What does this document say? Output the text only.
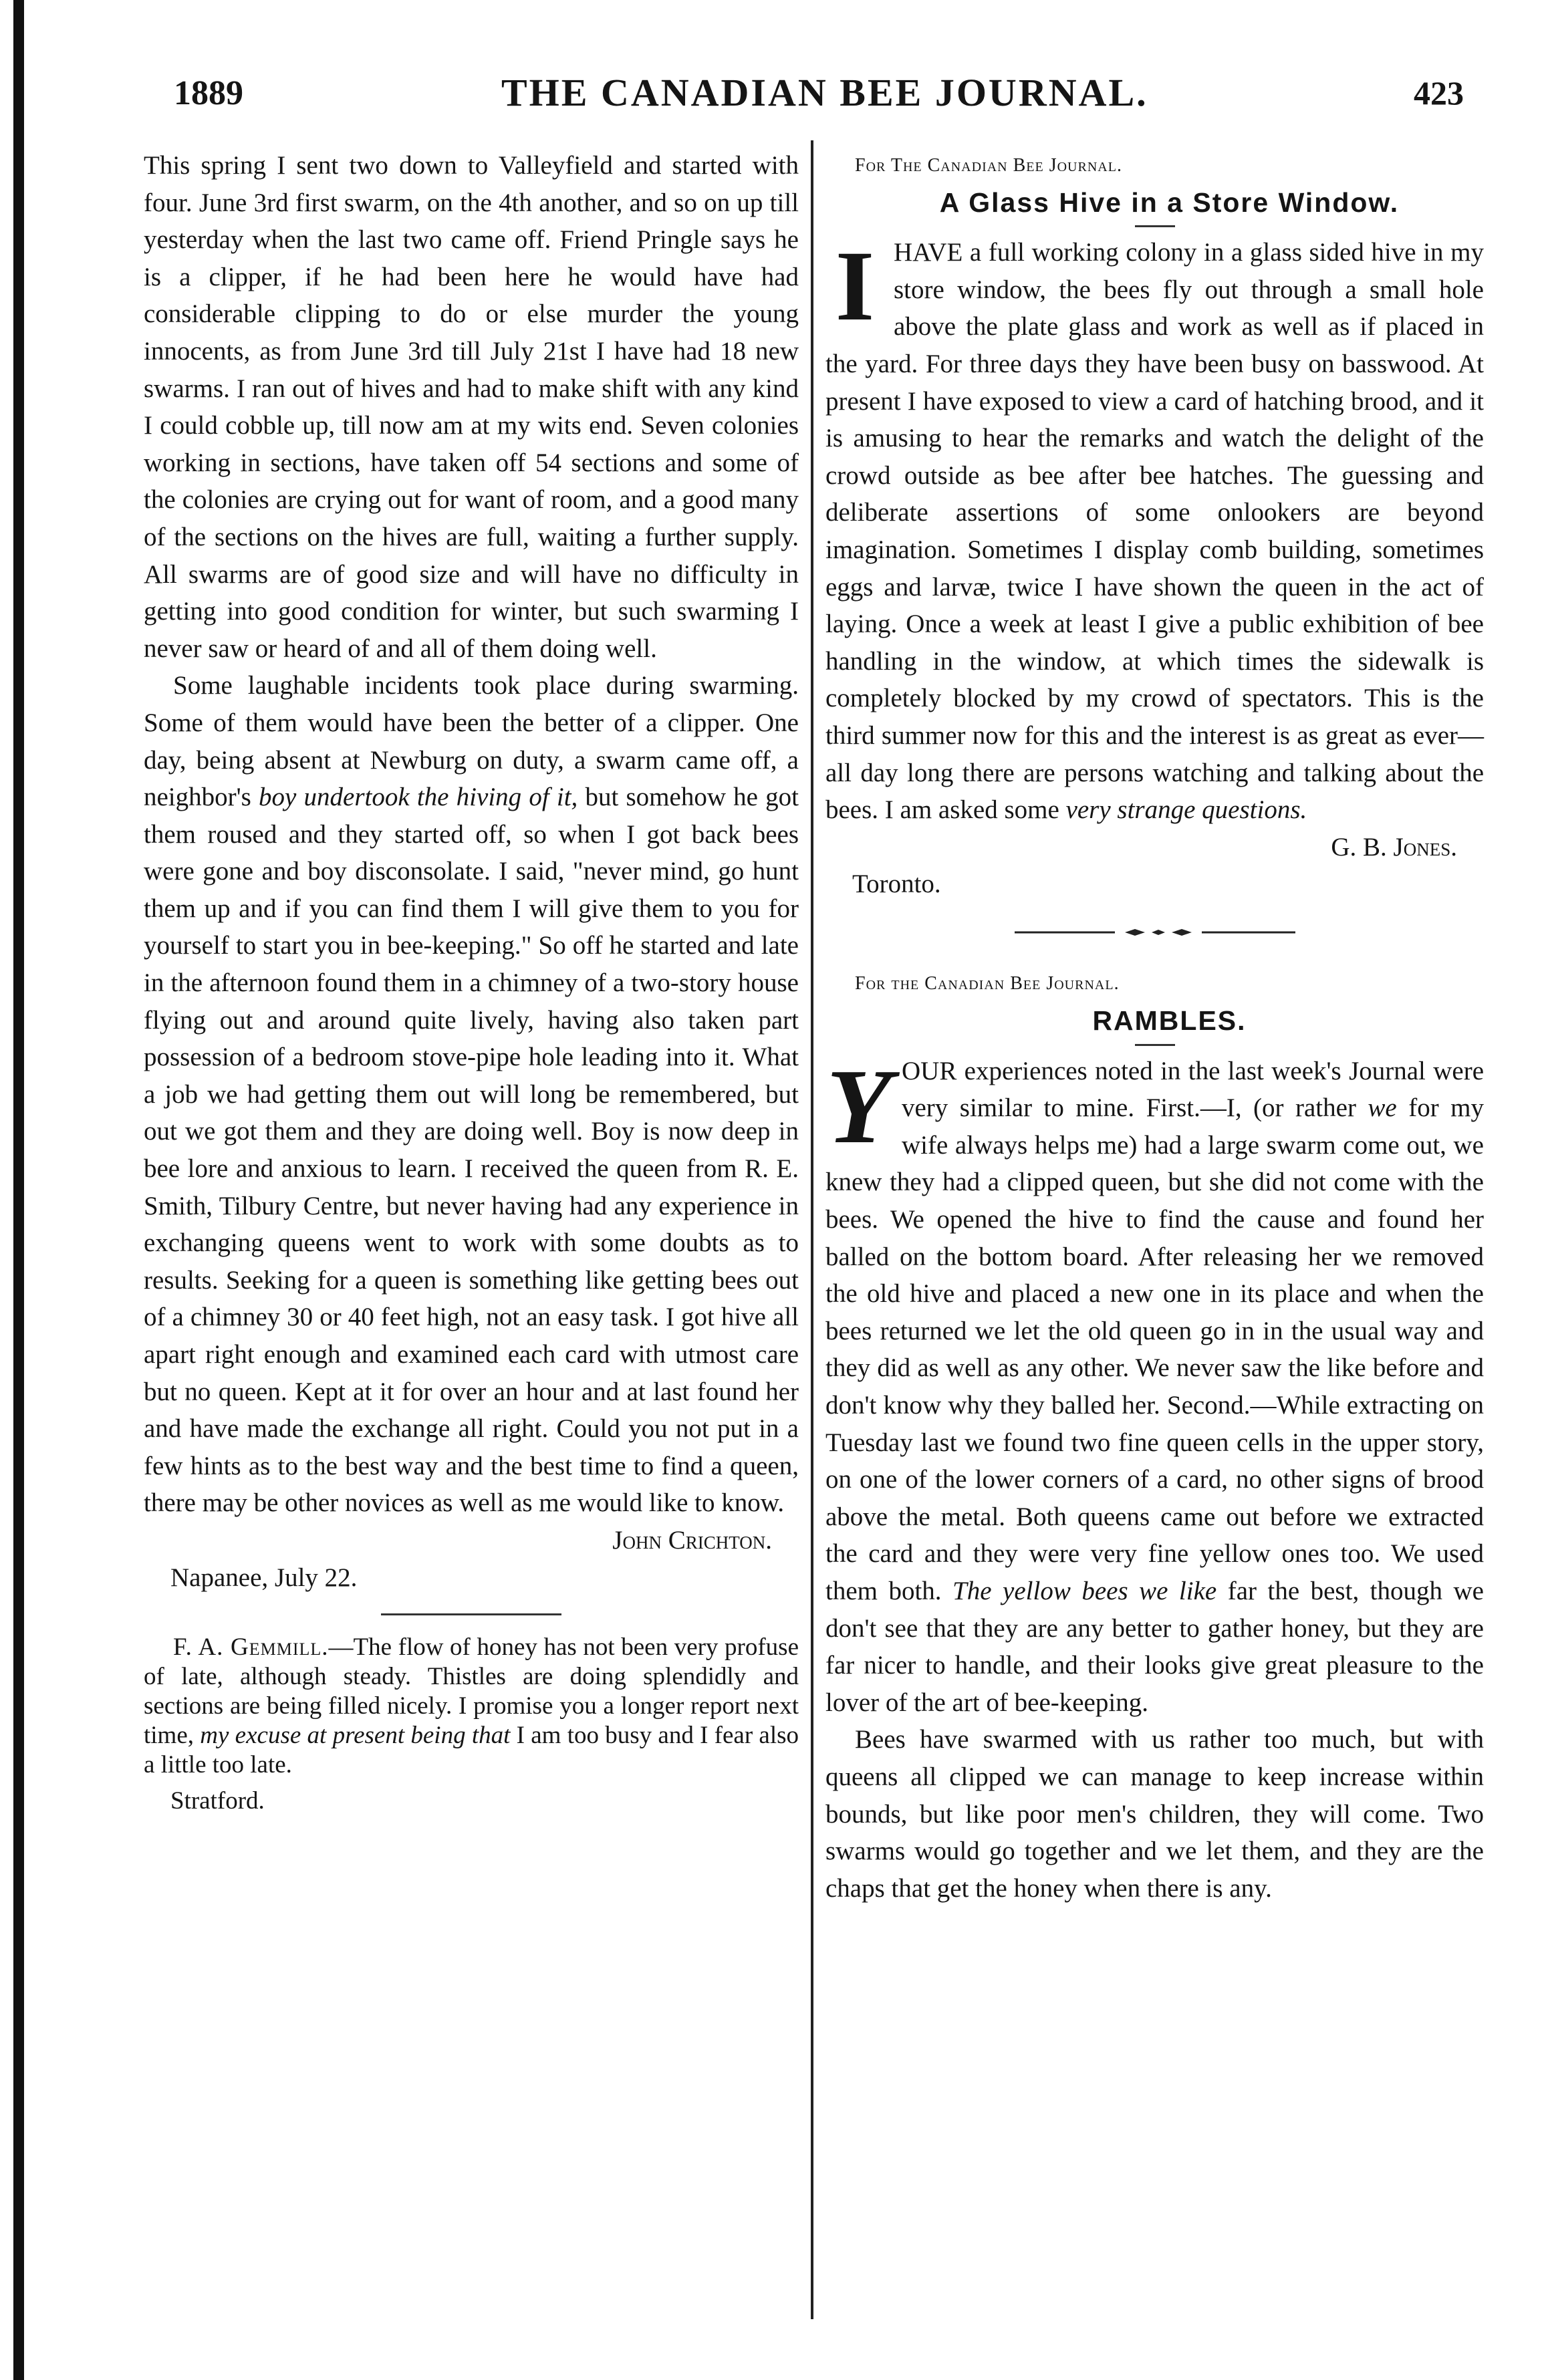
1889	THE CANADIAN BEE JOURNAL.	423

This spring I sent two down to Valleyfield and started with four. June 3rd first swarm, on the 4th another, and so on up till yesterday when the last two came off. Friend Pringle says he is a clipper, if he had been here he would have had considerable clipping to do or else murder the young innocents, as from June 3rd till July 21st I have had 18 new swarms. I ran out of hives and had to make shift with any kind I could cobble up, till now am at my wits end. Seven colonies working in sections, have taken off 54 sections and some of the colonies are crying out for want of room, and a good many of the sections on the hives are full, waiting a further supply. All swarms are of good size and will have no difficulty in getting into good condition for winter, but such swarming I never saw or heard of and all of them doing well.

Some laughable incidents took place during swarming. Some of them would have been the better of a clipper. One day, being absent at Newburg on duty, a swarm came off, a neighbor's boy undertook the hiving of it, but somehow he got them roused and they started off, so when I got back bees were gone and boy disconsolate. I said, "never mind, go hunt them up and if you can find them I will give them to you for yourself to start you in bee-keeping." So off he started and late in the afternoon found them in a chimney of a two-story house flying out and around quite lively, having also taken part possession of a bedroom stove-pipe hole leading into it. What a job we had getting them out will long be remembered, but out we got them and they are doing well. Boy is now deep in bee lore and anxious to learn. I received the queen from R. E. Smith, Tilbury Centre, but never having had any experience in exchanging queens went to work with some doubts as to results. Seeking for a queen is something like getting bees out of a chimney 30 or 40 feet high, not an easy task. I got hive all apart right enough and examined each card with utmost care but no queen. Kept at it for over an hour and at last found her and have made the exchange all right. Could you not put in a few hints as to the best way and the best time to find a queen, there may be other novices as well as me would like to know.

John Crichton.

Napanee, July 22.

F. A. Gemmill.—The flow of honey has not been very profuse of late, although steady. Thistles are doing splendidly and sections are being filled nicely. I promise you a longer report next time, my excuse at present being that I am too busy and I fear also a little too late.

Stratford.

For The Canadian Bee Journal.

A Glass Hive in a Store Window.

IHAVE a full working colony in a glass sided hive in my store window, the bees fly out through a small hole above the plate glass and work as well as if placed in the yard. For three days they have been busy on basswood. At present I have exposed to view a card of hatching brood, and it is amusing to hear the remarks and watch the delight of the crowd outside as bee after bee hatches. The guessing and deliberate assertions of some onlookers are beyond imagination. Sometimes I display comb building, sometimes eggs and larvæ, twice I have shown the queen in the act of laying. Once a week at least I give a public exhibition of bee handling in the window, at which times the sidewalk is completely blocked by my crowd of spectators. This is the third summer now for this and the interest is as great as ever—all day long there are persons watching and talking about the bees. I am asked some very strange questions.

G. B. Jones.

Toronto.

For the Canadian Bee Journal.

RAMBLES.

YOUR experiences noted in the last week's Journal were very similar to mine. First.—I, (or rather we for my wife always helps me) had a large swarm come out, we knew they had a clipped queen, but she did not come with the bees. We opened the hive to find the cause and found her balled on the bottom board. After releasing her we removed the old hive and placed a new one in its place and when the bees returned we let the old queen go in in the usual way and they did as well as any other. We never saw the like before and don't know why they balled her. Second.—While extracting on Tuesday last we found two fine queen cells in the upper story, on one of the lower corners of a card, no other signs of brood above the metal. Both queens came out before we extracted the card and they were very fine yellow ones too. We used them both. The yellow bees we like far the best, though we don't see that they are any better to gather honey, but they are far nicer to handle, and their looks give great pleasure to the lover of the art of bee-keeping.

Bees have swarmed with us rather too much, but with queens all clipped we can manage to keep increase within bounds, but like poor men's children, they will come. Two swarms would go together and we let them, and they are the chaps that get the honey when there is any.
